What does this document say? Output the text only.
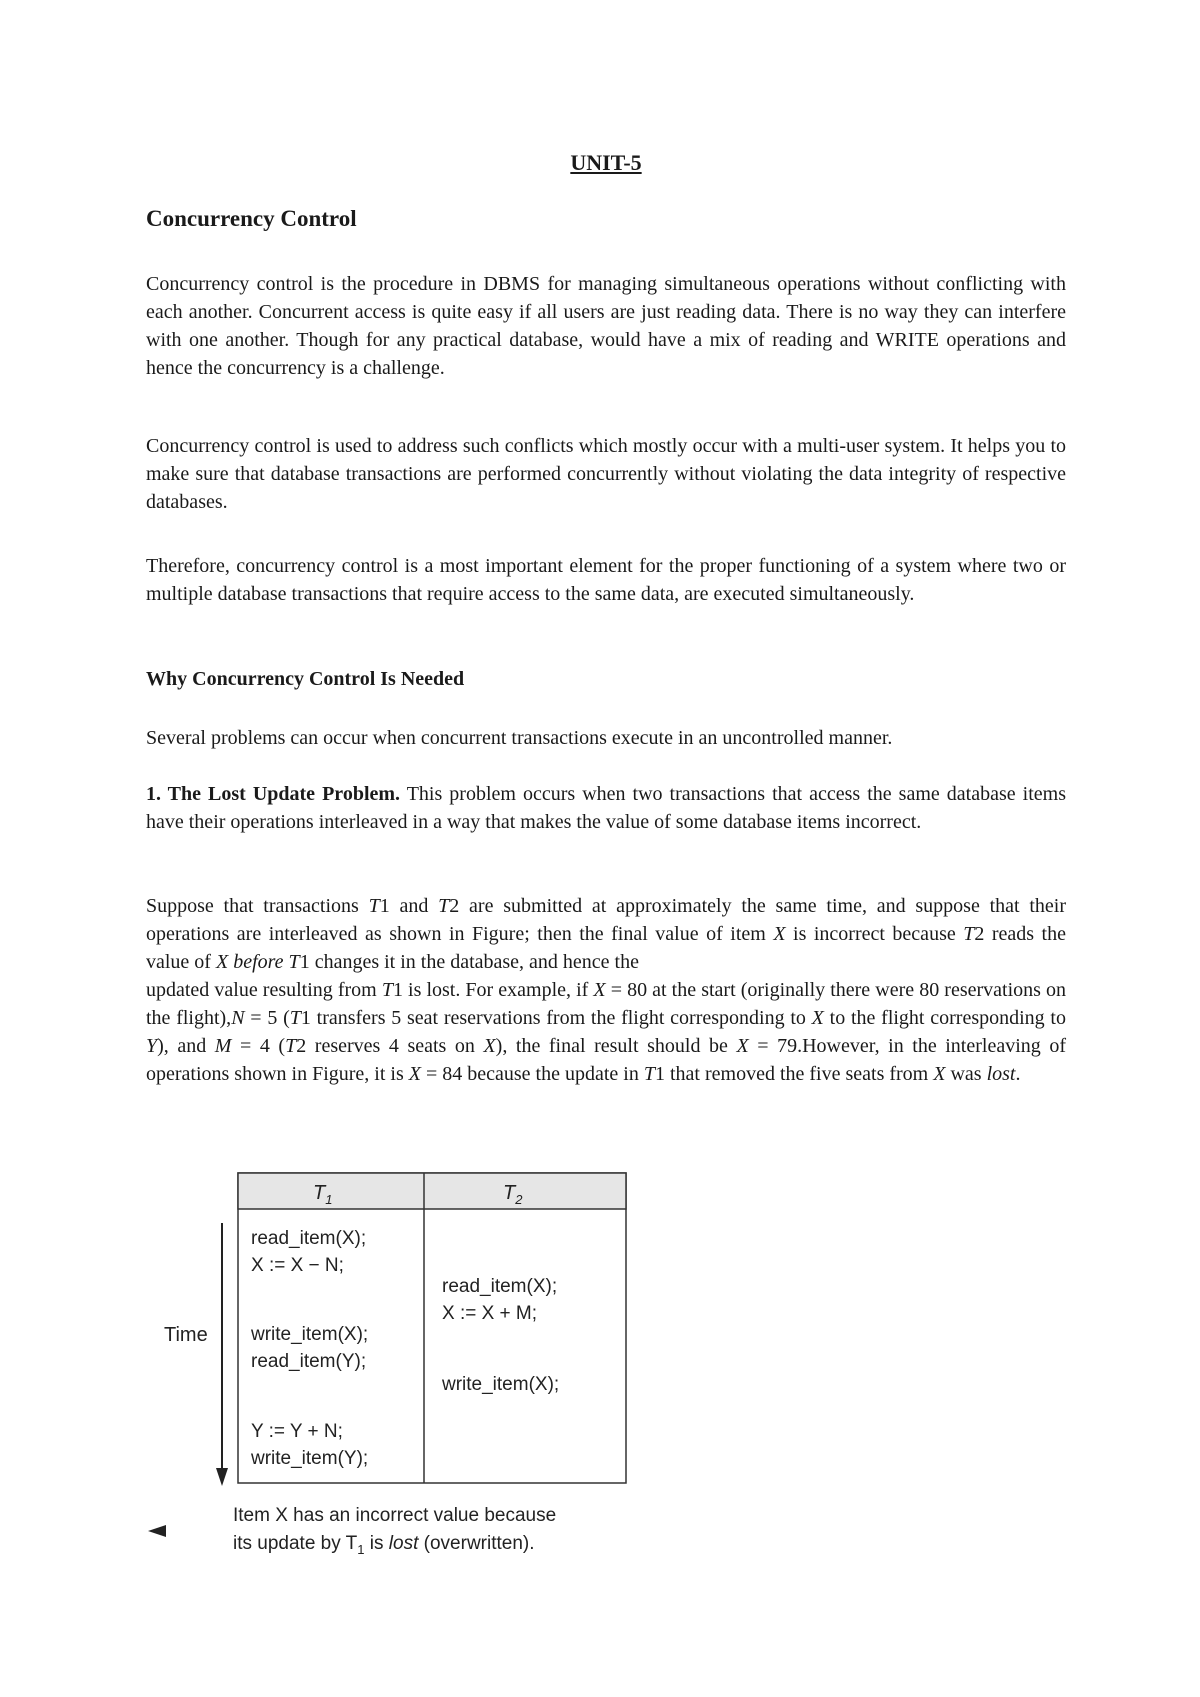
UNIT-5
Concurrency Control

Concurrency control is the procedure in DBMS for managing simultaneous operations without conflicting with each another. Concurrent access is quite easy if all users are just reading data. There is no way they can interfere with one another. Though for any practical database, would have a mix of reading and WRITE operations and hence the concurrency is a challenge.

Concurrency control is used to address such conflicts which mostly occur with a multi-user system. It helps you to make sure that database transactions are performed concurrently without violating the data integrity of respective databases.

Therefore, concurrency control is a most important element for the proper functioning of a system where two or multiple database transactions that require access to the same data, are executed simultaneously.

Why Concurrency Control Is Needed

Several problems can occur when concurrent transactions execute in an uncontrolled manner.

1. The Lost Update Problem. This problem occurs when two transactions that access the same database items have their operations interleaved in a way that makes the value of some database items incorrect.

Suppose that transactions T1 and T2 are submitted at approximately the same time, and suppose that their operations are interleaved as shown in Figure; then the final value of item X is incorrect because T2 reads the value of X before T1 changes it in the database, and hence the

updated value resulting from T1 is lost. For example, if X = 80 at the start (originally there were 80 reservations on the flight),N = 5 (T1 transfers 5 seat reservations from the flight corresponding to X to the flight corresponding to Y), and M = 4 (T2 reserves 4 seats on X), the final result should be X = 79.However, in the interleaving of operations shown in Figure, it is X = 84 because the update in T1 that removed the five seats from X was lost.

$T_1$	$T_2$
Time
read_item(X);
X := X − N;
write_item(X);
read_item(Y);
Y := Y + N;
write_item(Y);
read_item(X);
X := X + M;
write_item(X);
Item X has an incorrect value because
its update by $T_1$ is lost (overwritten).
